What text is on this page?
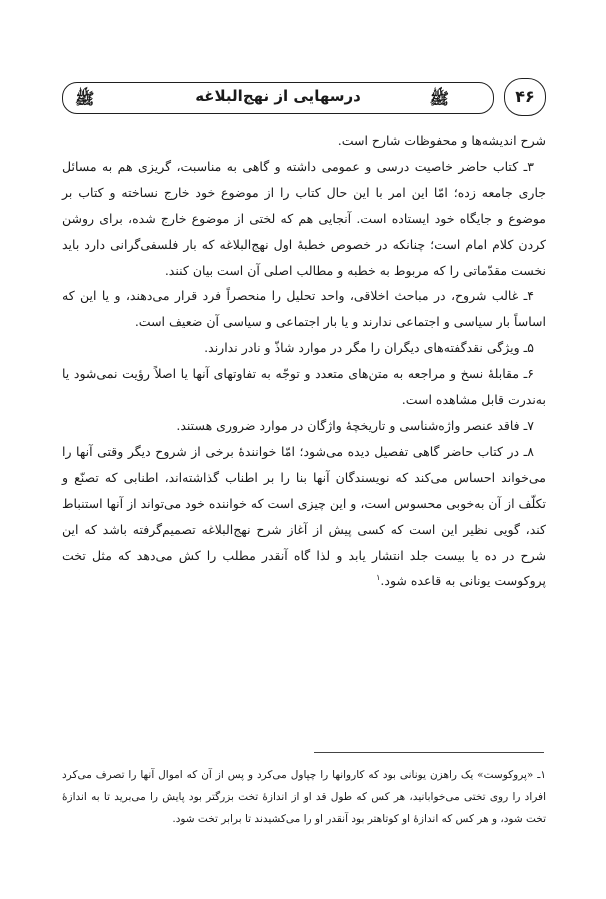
ﷺ	درسهایی از نهج‌البلاغه	ﷺ	۴۶

شرح اندیشه‌ها و محفوظات شارح است.

۳ـ کتاب حاضر خاصیت درسی و عمومی داشته و گاهی به مناسبت، گریزی هم به مسائل جاری جامعه زده؛ امّا این امر با این حال کتاب را از موضوع خود خارج نساخته و کتاب بر موضوع و جایگاه خود ایستاده است. آنجایی هم که لختی از موضوع خارج شده، برای روشن کردن کلام امام است؛ چنانکه در خصوص خطبهٔ اول نهج‌البلاغه که بار فلسفی‌گرانی دارد باید نخست مقدّماتی را که مربوط به خطبه و مطالب اصلی آن است بیان کنند.

۴ـ غالب شروح، در مباحث اخلاقی، واحد تحلیل را منحصراً فرد قرار می‌دهند، و یا این که اساساً بار سیاسی و اجتماعی ندارند و یا بار اجتماعی و سیاسی آن ضعیف است.

۵ـ ویژگی نقدگفته‌های دیگران را مگر در موارد شاذّ و نادر ندارند.

۶ـ مقابلهٔ نسخ و مراجعه به متن‌های متعدد و توجّه به تفاوتهای آنها یا اصلاً رؤیت نمی‌شود یا به‌ندرت قابل مشاهده است.

۷ـ فاقد عنصر واژه‌شناسی و تاریخچهٔ واژگان در موارد ضروری هستند.

۸ـ در کتاب حاضر گاهی تفصیل دیده می‌شود؛ امّا خوانندهٔ برخی از شروح دیگر وقتی آنها را می‌خواند احساس می‌کند که نویسندگان آنها بنا را بر اطناب گذاشته‌اند، اطنابی که تصنّع و تکلّف از آن به‌خوبی محسوس است، و این چیزی است که خواننده خود می‌تواند از آنها استنباط کند، گویی نظیر این است که کسی پیش از آغاز شرح نهج‌البلاغه تصمیم‌گرفته باشد که این شرح در ده یا بیست جلد انتشار یابد و لذا گاه آنقدر مطلب را کش می‌دهد که مثل تخت پروکوست یونانی به قاعده شود.$^۱$

۱ـ «پروکوست» یک راهزن یونانی بود که کاروانها را چپاول می‌کرد و پس از آن که اموال آنها را تصرف می‌کرد افراد را روی تختی می‌خوابانید، هر کس که طول قد او از اندازهٔ تخت بزرگتر بود پایش را می‌برید تا به اندازهٔ تخت شود، و هر کس که اندازهٔ او کوتاهتر بود آنقدر او را می‌کشیدند تا برابر تخت شود.
